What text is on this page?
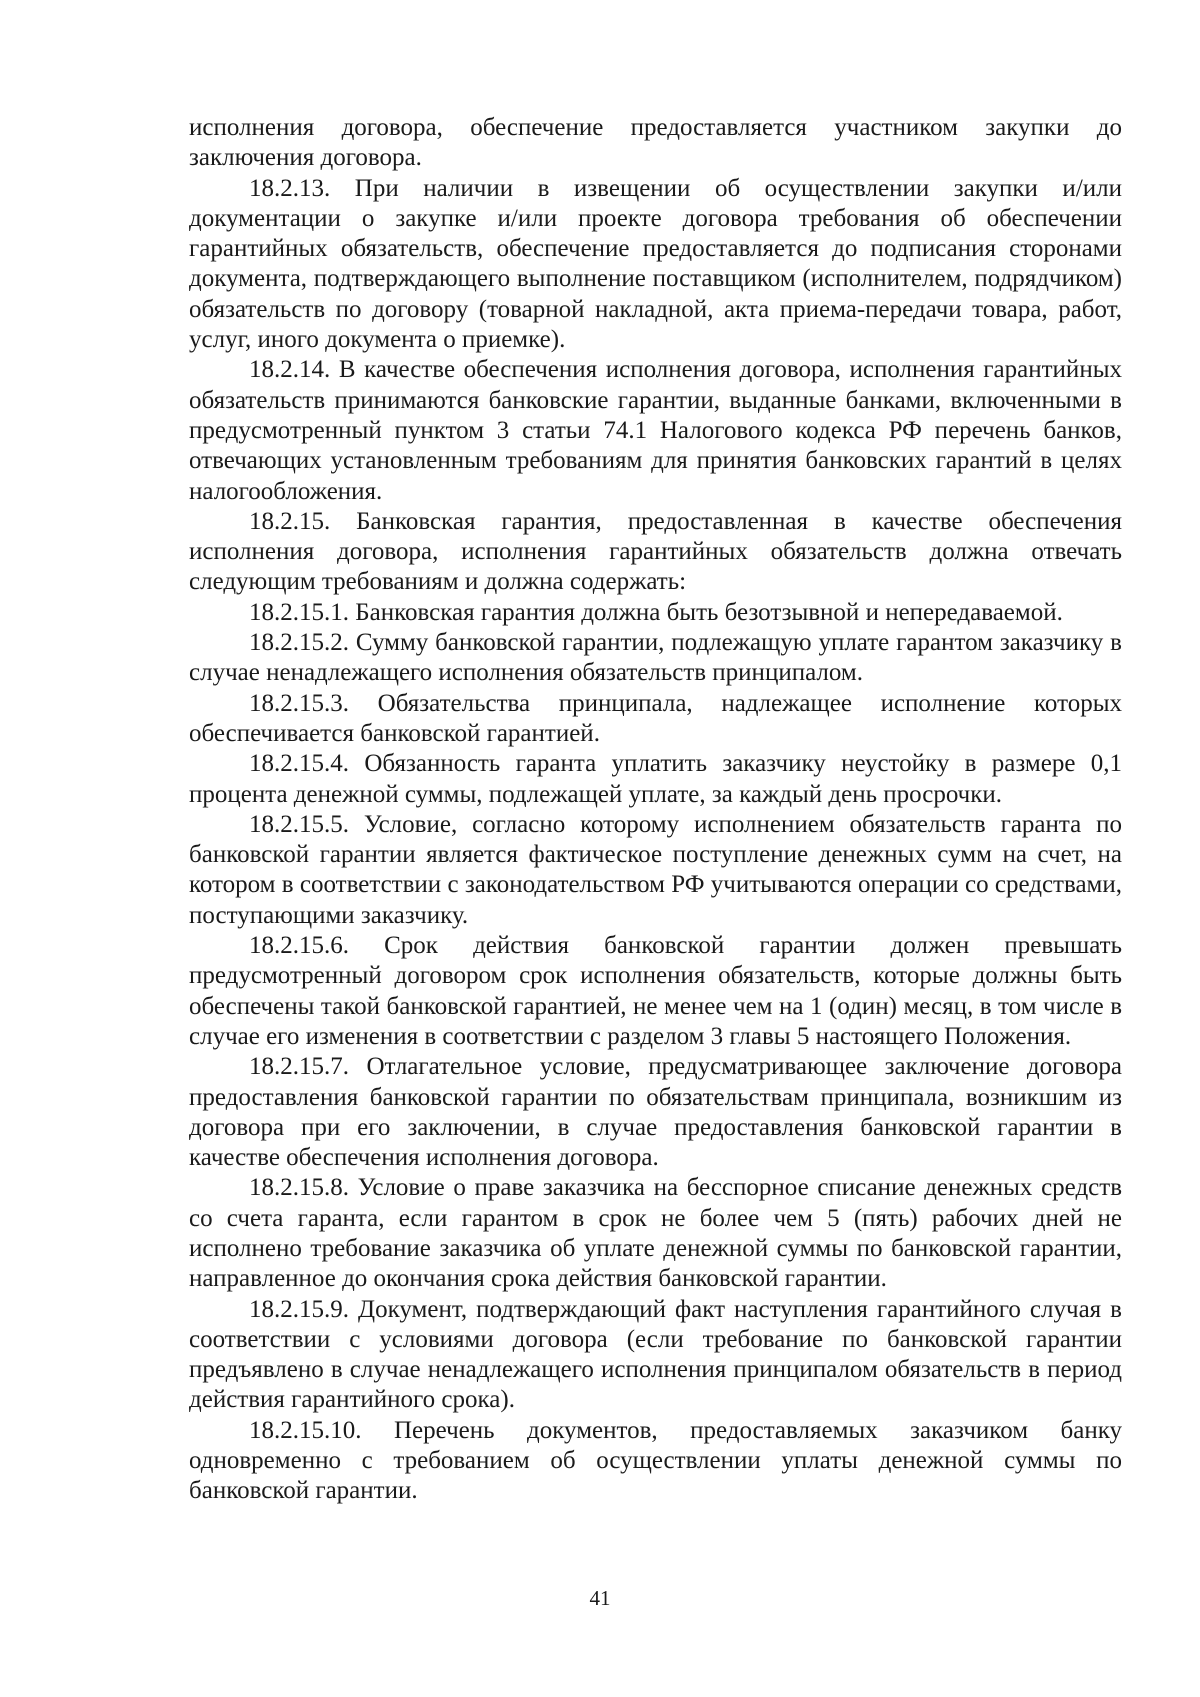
исполнения договора, обеспечение предоставляется участником закупки до заключения договора.

18.2.13. При наличии в извещении об осуществлении закупки и/или документации о закупке и/или проекте договора требования об обеспечении гарантийных обязательств, обеспечение предоставляется до подписания сторонами документа, подтверждающего выполнение поставщиком (исполнителем, подрядчиком) обязательств по договору (товарной накладной, акта приема-передачи товара, работ, услуг, иного документа о приемке).

18.2.14. В качестве обеспечения исполнения договора, исполнения гарантийных обязательств принимаются банковские гарантии, выданные банками, включенными в предусмотренный пунктом 3 статьи 74.1 Налогового кодекса РФ перечень банков, отвечающих установленным требованиям для принятия банковских гарантий в целях налогообложения.

18.2.15. Банковская гарантия, предоставленная в качестве обеспечения исполнения договора, исполнения гарантийных обязательств должна отвечать следующим требованиям и должна содержать:

18.2.15.1. Банковская гарантия должна быть безотзывной и непередаваемой.

18.2.15.2. Сумму банковской гарантии, подлежащую уплате гарантом заказчику в случае ненадлежащего исполнения обязательств принципалом.

18.2.15.3. Обязательства принципала, надлежащее исполнение которых обеспечивается банковской гарантией.

18.2.15.4. Обязанность гаранта уплатить заказчику неустойку в размере 0,1 процента денежной суммы, подлежащей уплате, за каждый день просрочки.

18.2.15.5. Условие, согласно которому исполнением обязательств гаранта по банковской гарантии является фактическое поступление денежных сумм на счет, на котором в соответствии с законодательством РФ учитываются операции со средствами, поступающими заказчику.

18.2.15.6. Срок действия банковской гарантии должен превышать предусмотренный договором срок исполнения обязательств, которые должны быть обеспечены такой банковской гарантией, не менее чем на 1 (один) месяц, в том числе в случае его изменения в соответствии с разделом 3 главы 5 настоящего Положения.

18.2.15.7. Отлагательное условие, предусматривающее заключение договора предоставления банковской гарантии по обязательствам принципала, возникшим из договора при его заключении, в случае предоставления банковской гарантии в качестве обеспечения исполнения договора.

18.2.15.8. Условие о праве заказчика на бесспорное списание денежных средств со счета гаранта, если гарантом в срок не более чем 5 (пять) рабочих дней не исполнено требование заказчика об уплате денежной суммы по банковской гарантии, направленное до окончания срока действия банковской гарантии.

18.2.15.9. Документ, подтверждающий факт наступления гарантийного случая в соответствии с условиями договора (если требование по банковской гарантии предъявлено в случае ненадлежащего исполнения принципалом обязательств в период действия гарантийного срока).

18.2.15.10. Перечень документов, предоставляемых заказчиком банку одновременно с требованием об осуществлении уплаты денежной суммы по банковской гарантии.

41
